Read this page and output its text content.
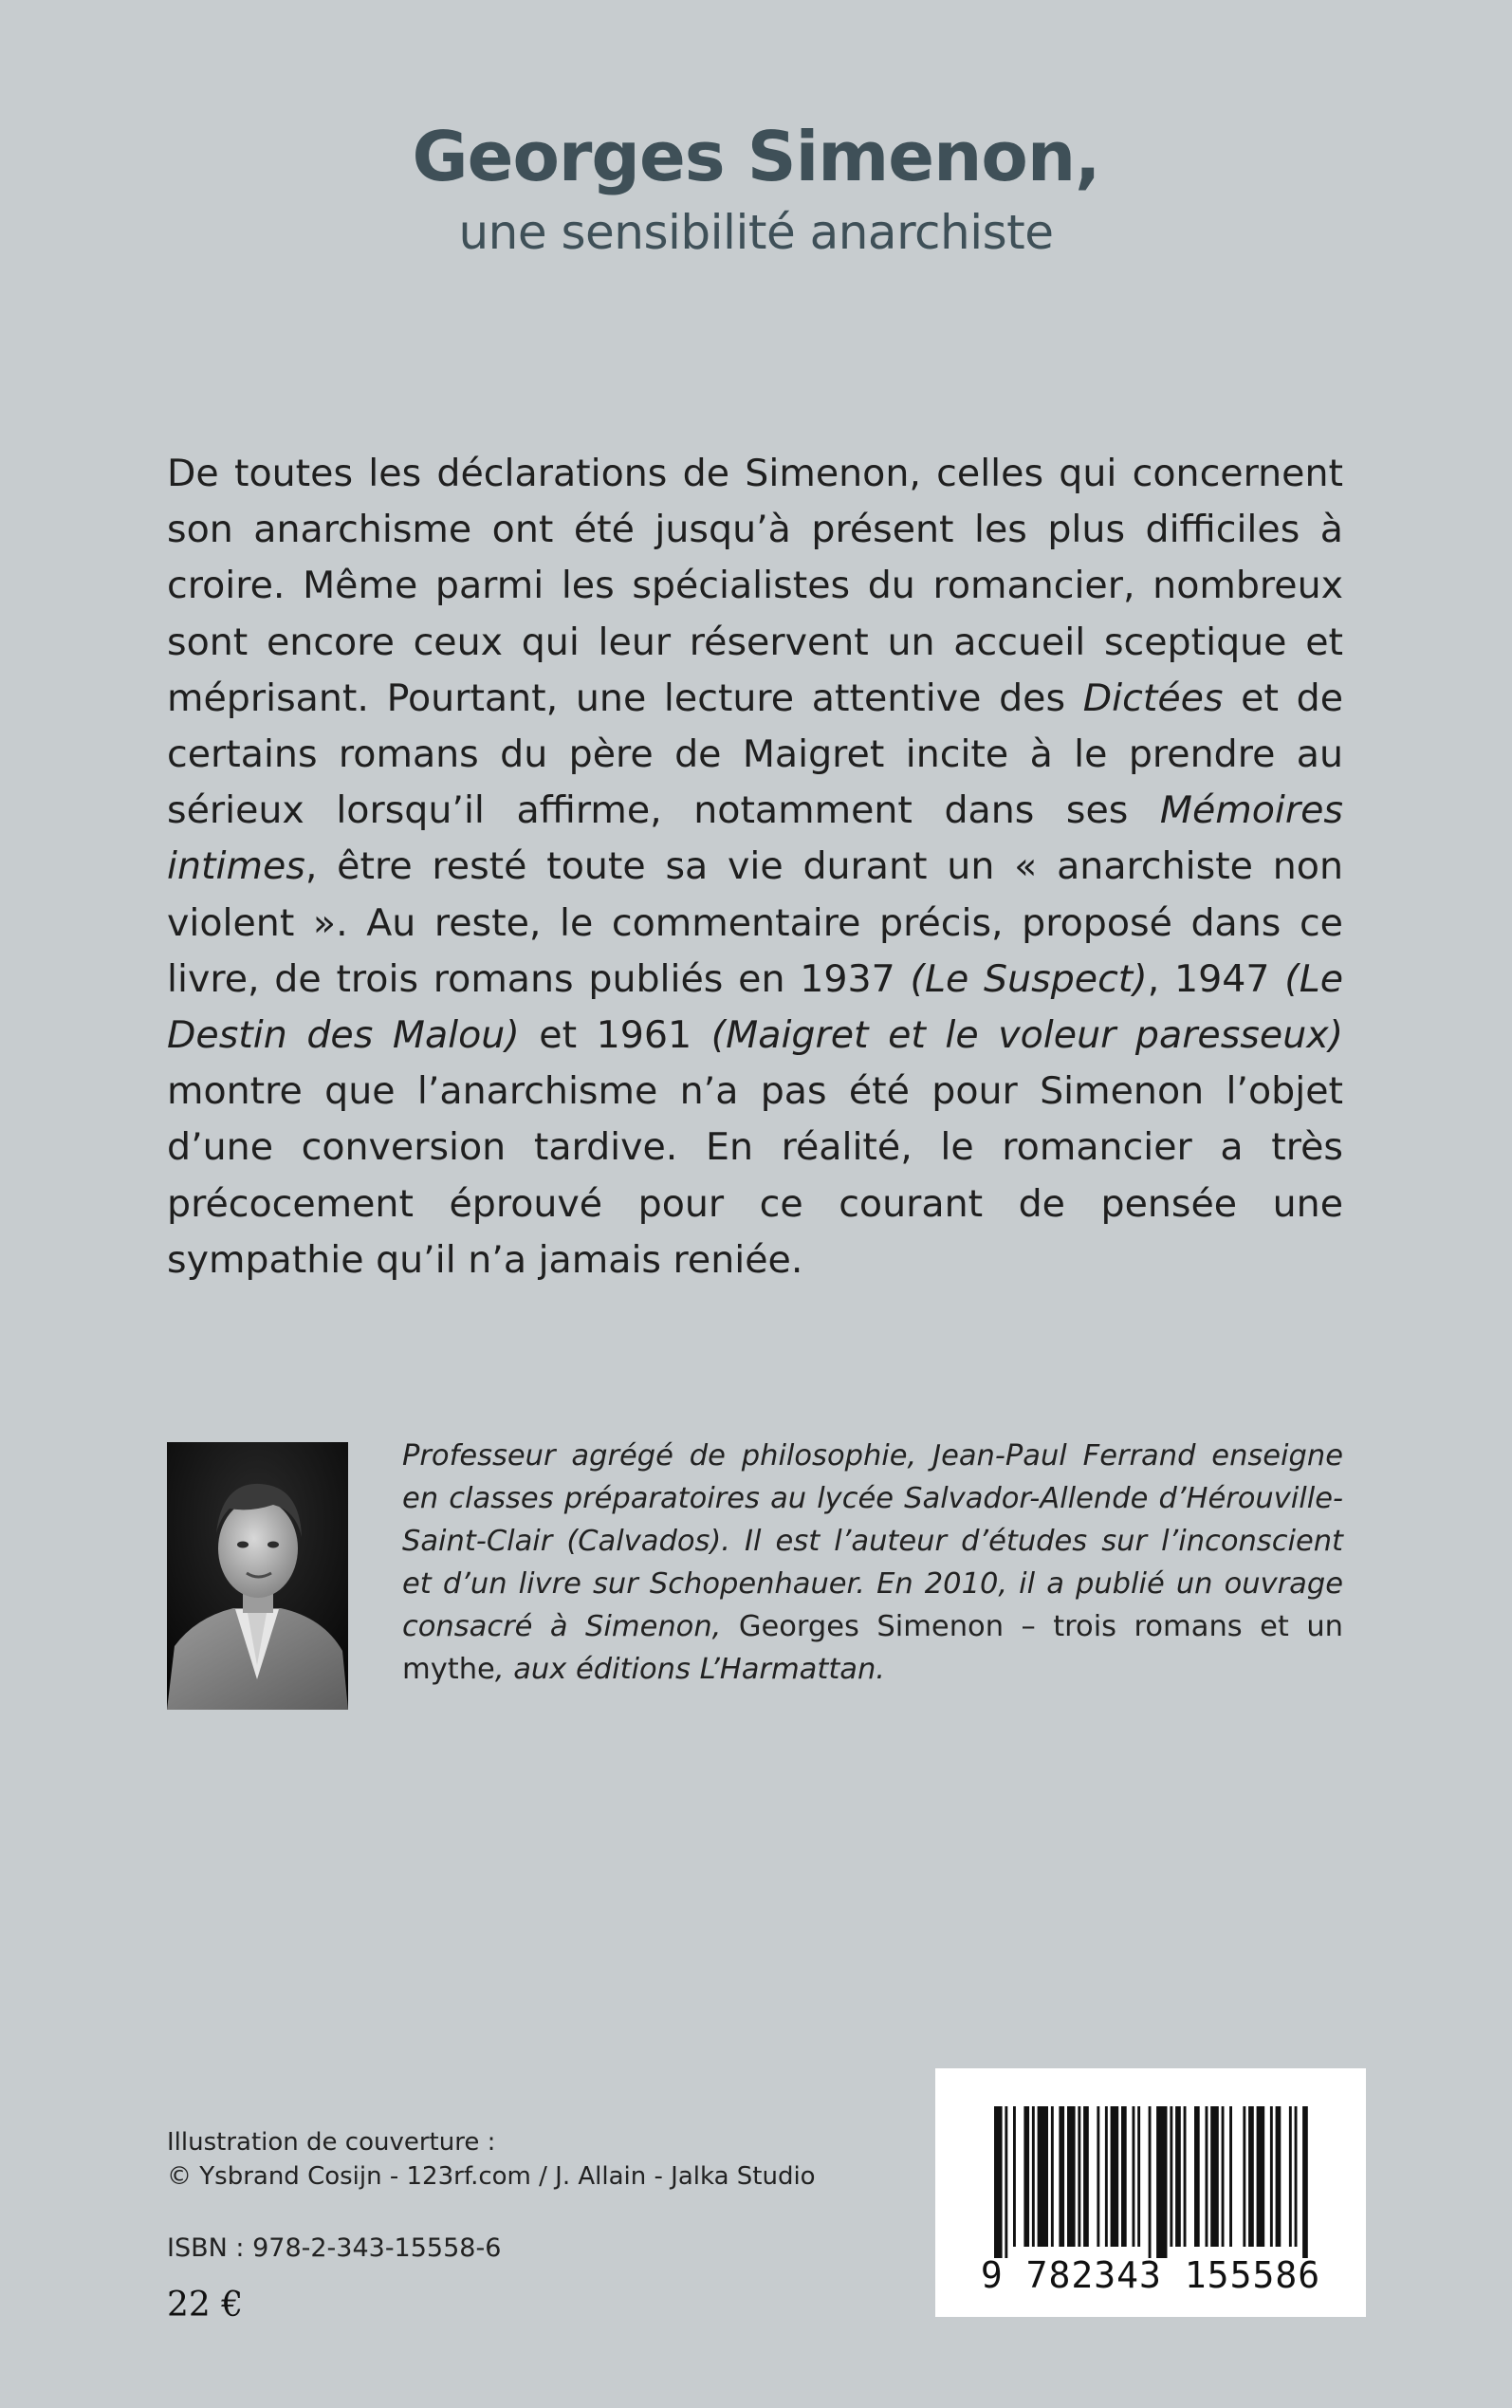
Georges Simenon,
une sensibilité anarchiste

De toutes les déclarations de Simenon, celles qui concernent son anarchisme ont été jusqu’à présent les plus difficiles à croire. Même parmi les spécialistes du romancier, nombreux sont encore ceux qui leur réservent un accueil sceptique et méprisant. Pourtant, une lecture attentive des Dictées et de certains romans du père de Maigret incite à le prendre au sérieux lorsqu’il affirme, notamment dans ses Mémoires intimes, être resté toute sa vie durant un « anarchiste non violent ». Au reste, le commentaire précis, proposé dans ce livre, de trois romans publiés en 1937 (Le Suspect), 1947 (Le Destin des Malou) et 1961 (Maigret et le voleur paresseux) montre que l’anarchisme n’a pas été pour Simenon l’objet d’une conversion tardive. En réalité, le romancier a très précocement éprouvé pour ce courant de pensée une sympathie qu’il n’a jamais reniée.

Professeur agrégé de philosophie, Jean-Paul Ferrand enseigne en classes préparatoires au lycée Salvador-Allende d’Hérouville-Saint-Clair (Calvados). Il est l’auteur d’études sur l’inconscient et d’un livre sur Schopenhauer. En 2010, il a publié un ouvrage consacré à Simenon, Georges Simenon – trois romans et un mythe, aux éditions L’Harmattan.

Illustration de couverture :
© Ysbrand Cosijn - 123rf.com / J. Allain - Jalka Studio
ISBN : 978-2-343-15558-6
22 €
9 782343 155586
